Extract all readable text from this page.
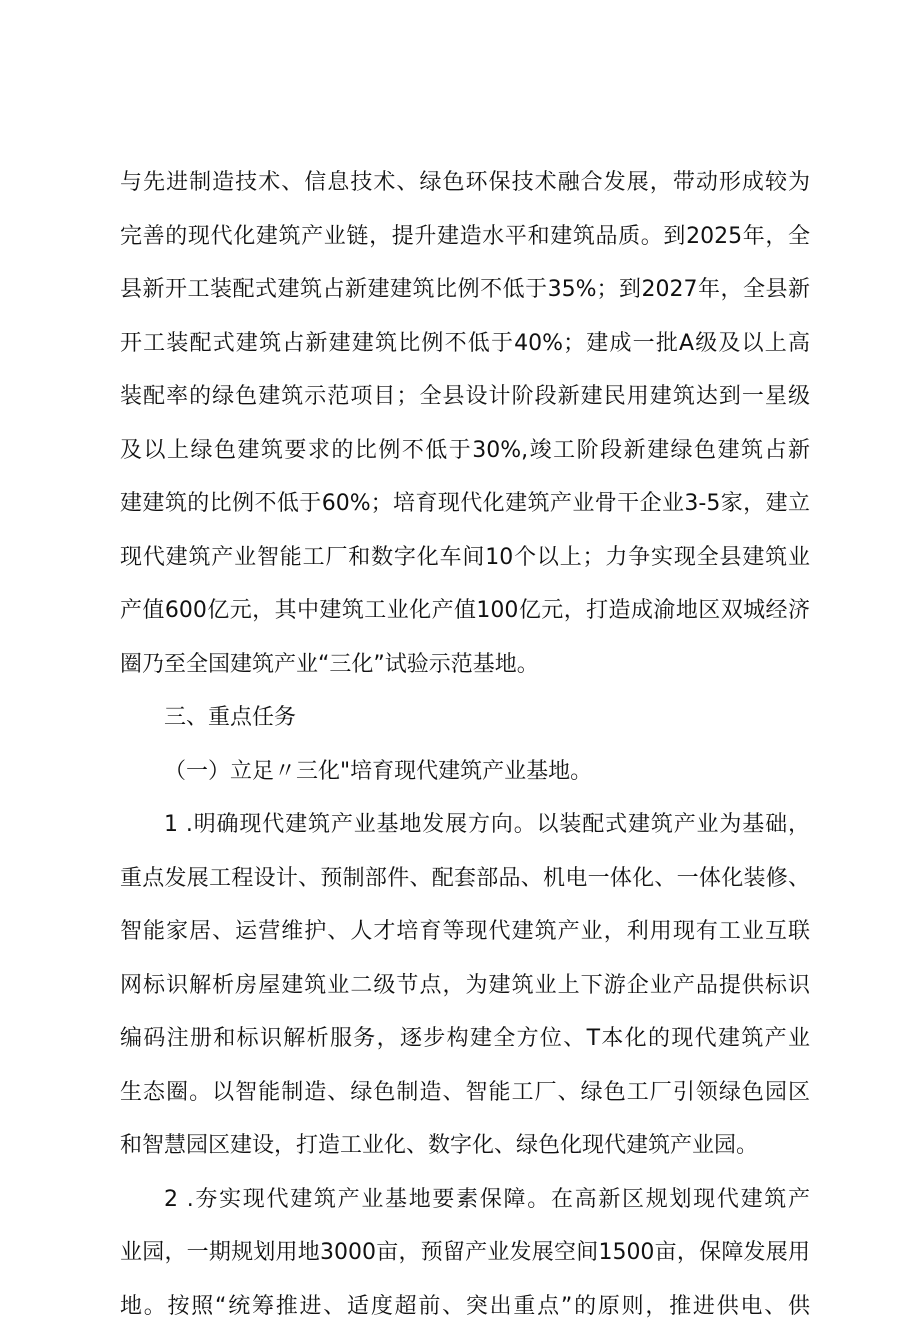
与先进制造技术、信息技术、绿色环保技术融合发展，带动形成较为
完善的现代化建筑产业链，提升建造水平和建筑品质。到2025年，全
县新开工装配式建筑占新建建筑比例不低于35%；到2027年，全县新
开工装配式建筑占新建建筑比例不低于40%；建成一批A级及以上高
装配率的绿色建筑示范项目；全县设计阶段新建民用建筑达到一星级
及以上绿色建筑要求的比例不低于30%,竣工阶段新建绿色建筑占新
建建筑的比例不低于60%；培育现代化建筑产业骨干企业3-5家，建立
现代建筑产业智能工厂和数字化车间10个以上；力争实现全县建筑业
产值600亿元，其中建筑工业化产值100亿元，打造成渝地区双城经济
圈乃至全国建筑产业“三化”试验示范基地。
三、重点任务
（一）立足〃三化"培育现代建筑产业基地。
1 .明确现代建筑产业基地发展方向。以装配式建筑产业为基础，
重点发展工程设计、预制部件、配套部品、机电一体化、一体化装修、
智能家居、运营维护、人才培育等现代建筑产业，利用现有工业互联
网标识解析房屋建筑业二级节点，为建筑业上下游企业产品提供标识
编码注册和标识解析服务，逐步构建全方位、T本化的现代建筑产业
生态圈。以智能制造、绿色制造、智能工厂、绿色工厂引领绿色园区
和智慧园区建设，打造工业化、数字化、绿色化现代建筑产业园。
2 .夯实现代建筑产业基地要素保障。在高新区规划现代建筑产
业园，一期规划用地3000亩，预留产业发展空间1500亩，保障发展用
地。按照“统筹推进、适度超前、突出重点”的原则，推进供电、供
